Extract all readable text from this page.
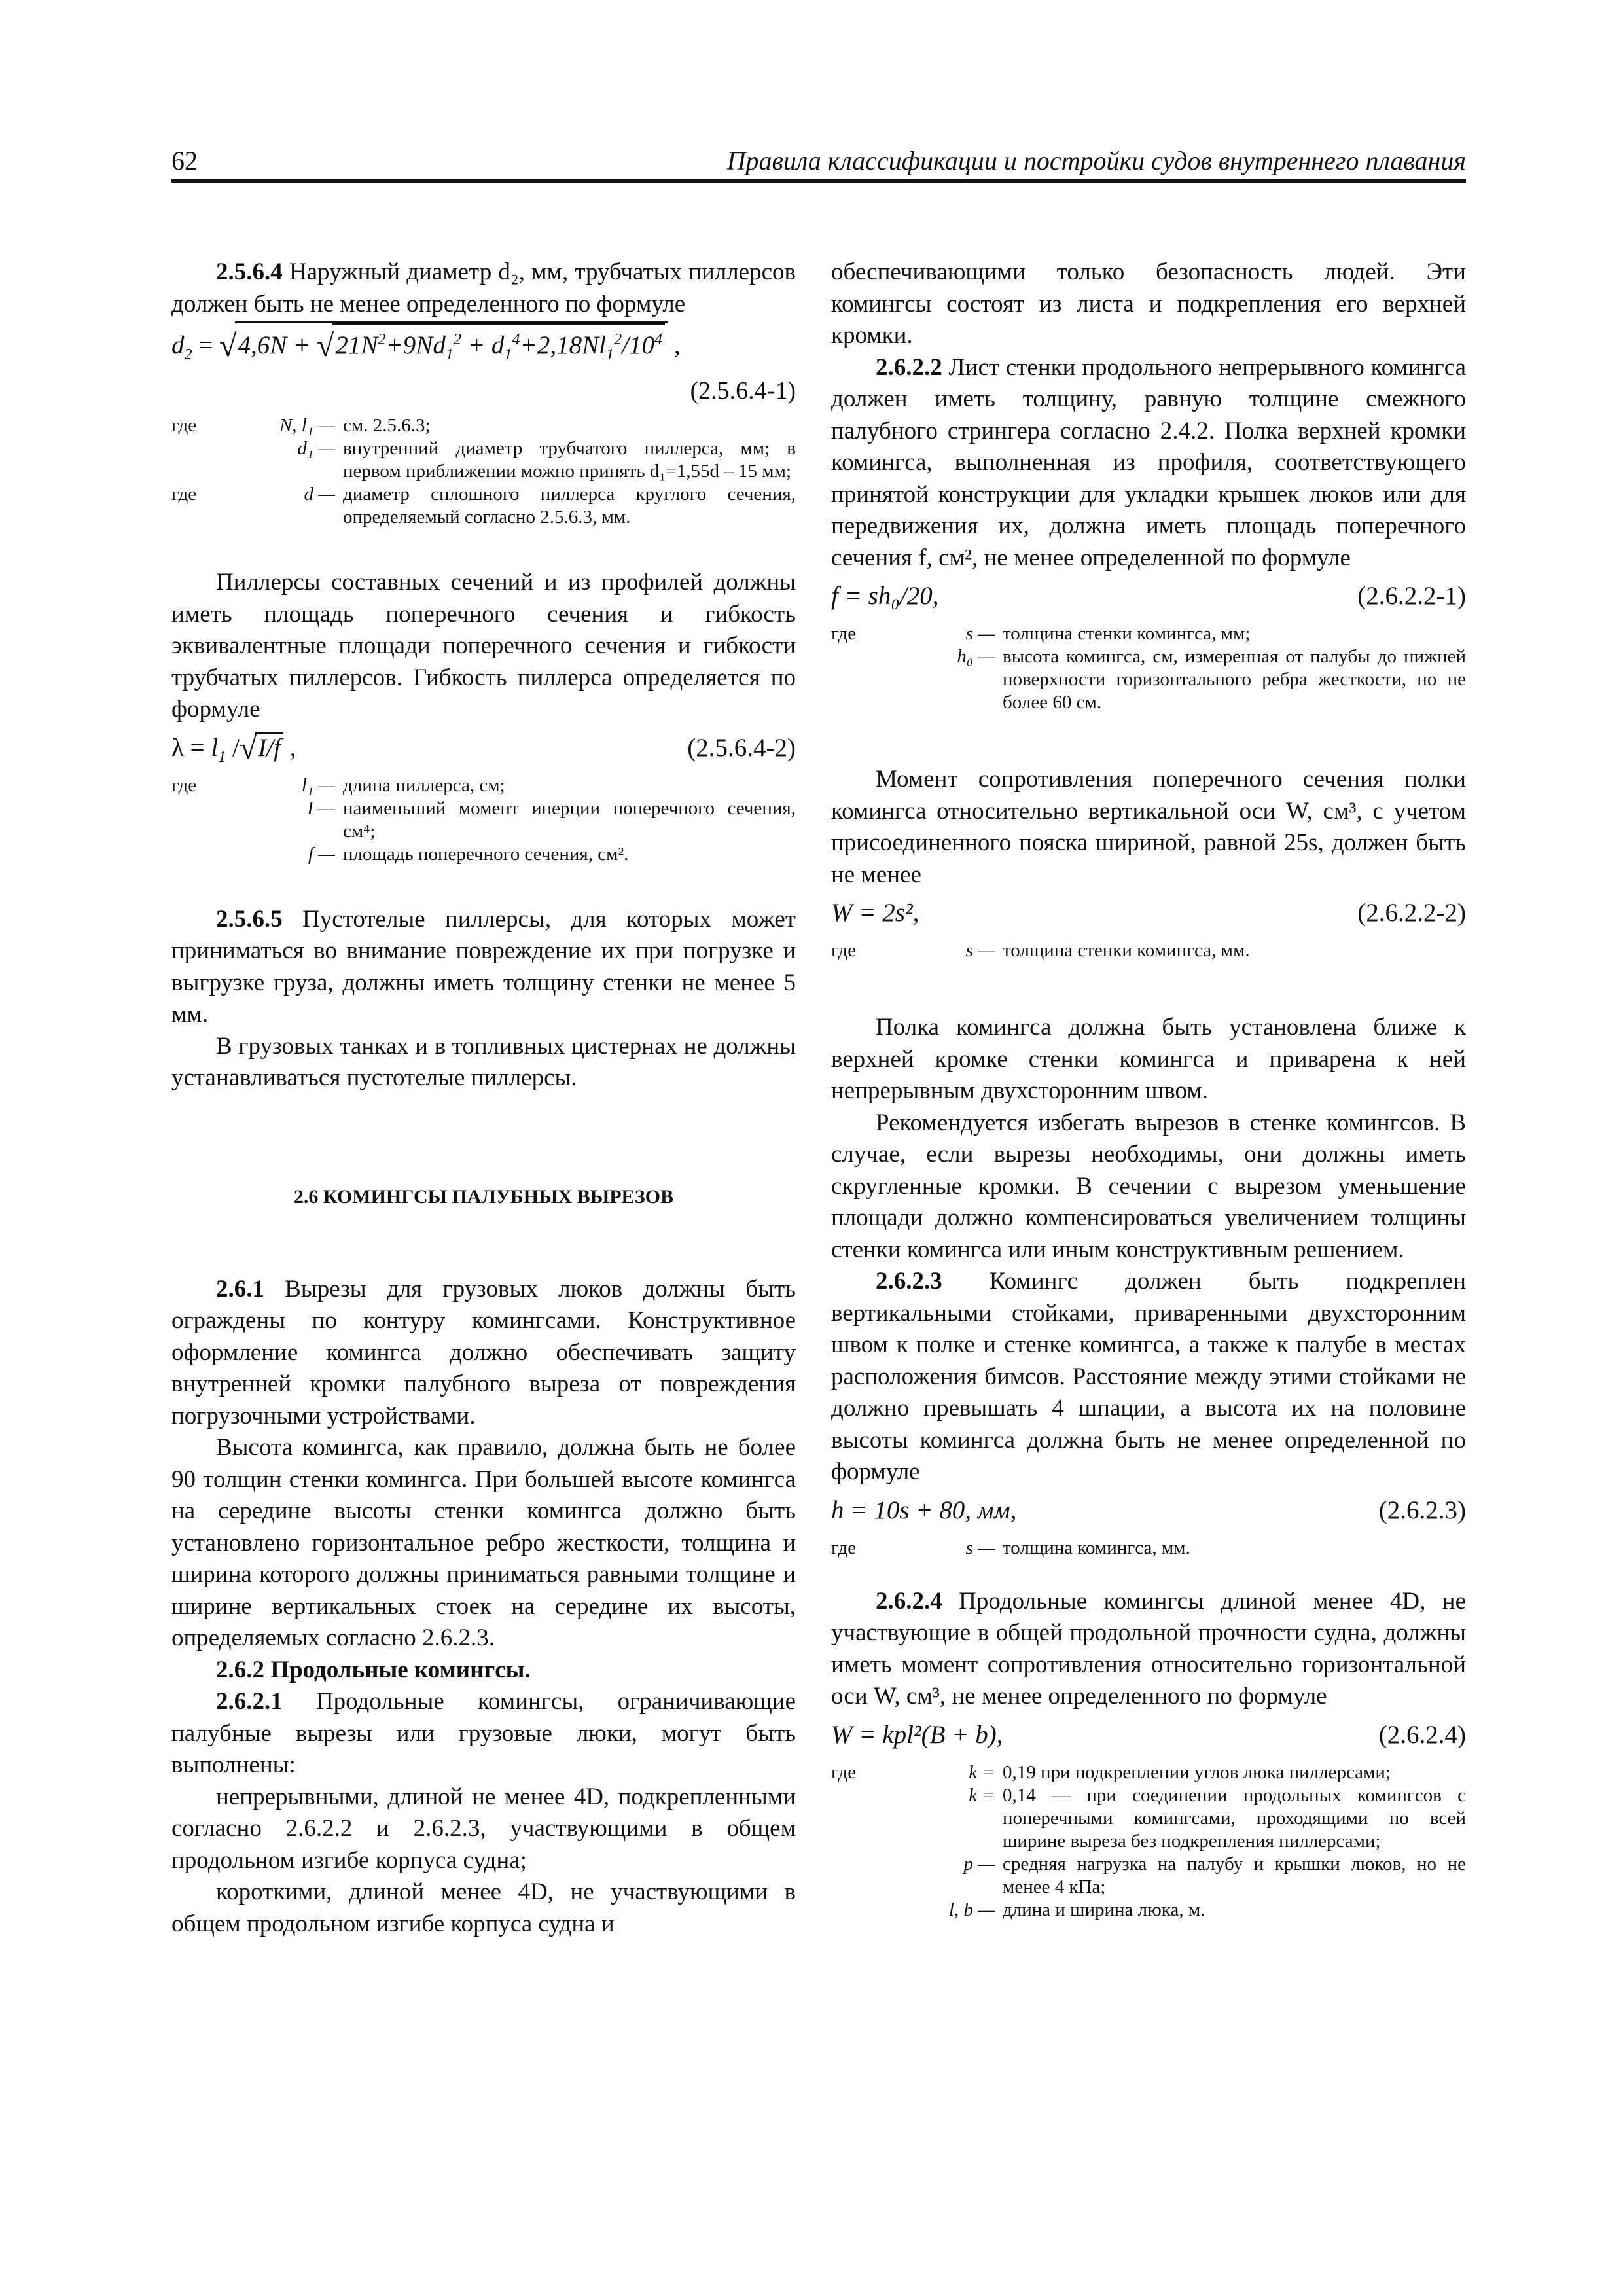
62	Правила классификации и постройки судов внутреннего плавания

2.5.6.4 Наружный диаметр d₂, мм, трубчатых пиллерсов должен быть не менее определенного по формуле

$d_2 = √4,6N + √21N^2+9Nd_1^2 + d_1^4+2,18Nl_1^2/10^4$ ,
(2.5.6.4-1)
где	N, l₁ — см. 2.5.6.3;
d₁ — внутренний диаметр трубчатого пиллерса, мм; в первом приближении можно принять d₁=1,55d – 15 мм;
где	d — диаметр сплошного пиллерса круглого сечения, определяемый согласно 2.5.6.3, мм.

Пиллерсы составных сечений и из профилей должны иметь площадь поперечного сечения и гибкость эквивалентные площади поперечного сечения и гибкости трубчатых пиллерсов. Гибкость пиллерса определяется по формуле

$\lambda = l_1$ /√I/f ,	(2.5.6.4-2)
где	l₁ — длина пиллерса, см;
I — наименьший момент инерции поперечного сечения, см⁴;
f — площадь поперечного сечения, см².

2.5.6.5 Пустотелые пиллерсы, для которых может приниматься во внимание повреждение их при погрузке и выгрузке груза, должны иметь толщину стенки не менее 5 мм.

В грузовых танках и в топливных цистернах не должны устанавливаться пустотелые пиллерсы.

2.6 КОМИНГСЫ ПАЛУБНЫХ ВЫРЕЗОВ

2.6.1 Вырезы для грузовых люков должны быть ограждены по контуру комингсами. Конструктивное оформление комингса должно обеспечивать защиту внутренней кромки палубного выреза от повреждения погрузочными устройствами.

Высота комингса, как правило, должна быть не более 90 толщин стенки комингса. При большей высоте комингса на середине высоты стенки комингса должно быть установлено горизонтальное ребро жесткости, толщина и ширина которого должны приниматься равными толщине и ширине вертикальных стоек на середине их высоты, определяемых согласно 2.6.2.3.

2.6.2 Продольные комингсы.

2.6.2.1 Продольные комингсы, ограничивающие палубные вырезы или грузовые люки, могут быть выполнены:

непрерывными, длиной не менее 4D, подкрепленными согласно 2.6.2.2 и 2.6.2.3, участвующими в общем продольном изгибе корпуса судна;

короткими, длиной менее 4D, не участвующими в общем продольном изгибе корпуса судна и

обеспечивающими только безопасность людей. Эти комингсы состоят из листа и подкрепления его верхней кромки.

2.6.2.2 Лист стенки продольного непрерывного комингса должен иметь толщину, равную толщине смежного палубного стрингера согласно 2.4.2. Полка верхней кромки комингса, выполненная из профиля, соответствующего принятой конструкции для укладки крышек люков или для передвижения их, должна иметь площадь поперечного сечения f, см², не менее определенной по формуле

f = sh₀/20,	(2.6.2.2-1)
где	s — толщина стенки комингса, мм;
h₀ — высота комингса, см, измеренная от палубы до нижней поверхности горизонтального ребра жесткости, но не более 60 см.

Момент сопротивления поперечного сечения полки комингса относительно вертикальной оси W, см³, с учетом присоединенного пояска шириной, равной 25s, должен быть не менее

W = 2s²,	(2.6.2.2-2)
где	s — толщина стенки комингса, мм.

Полка комингса должна быть установлена ближе к верхней кромке стенки комингса и приварена к ней непрерывным двухсторонним швом.

Рекомендуется избегать вырезов в стенке комингсов. В случае, если вырезы необходимы, они должны иметь скругленные кромки. В сечении с вырезом уменьшение площади должно компенсироваться увеличением толщины стенки комингса или иным конструктивным решением.

2.6.2.3 Комингс должен быть подкреплен вертикальными стойками, приваренными двухсторонним швом к полке и стенке комингса, а также к палубе в местах расположения бимсов. Расстояние между этими стойками не должно превышать 4 шпации, а высота их на половине высоты комингса должна быть не менее определенной по формуле

h = 10s + 80, мм,	(2.6.2.3)
где	s — толщина комингса, мм.

2.6.2.4 Продольные комингсы длиной менее 4D, не участвующие в общей продольной прочности судна, должны иметь момент сопротивления относительно горизонтальной оси W, см³, не менее определенного по формуле

W = kpl²(B + b),	(2.6.2.4)
где	k = 0,19 при подкреплении углов люка пиллерсами;
k = 0,14 — при соединении продольных комингсов с поперечными комингсами, проходящими по всей ширине выреза без подкрепления пиллерсами;
p — средняя нагрузка на палубу и крышки люков, но не менее 4 кПа;
l, b — длина и ширина люка, м.
